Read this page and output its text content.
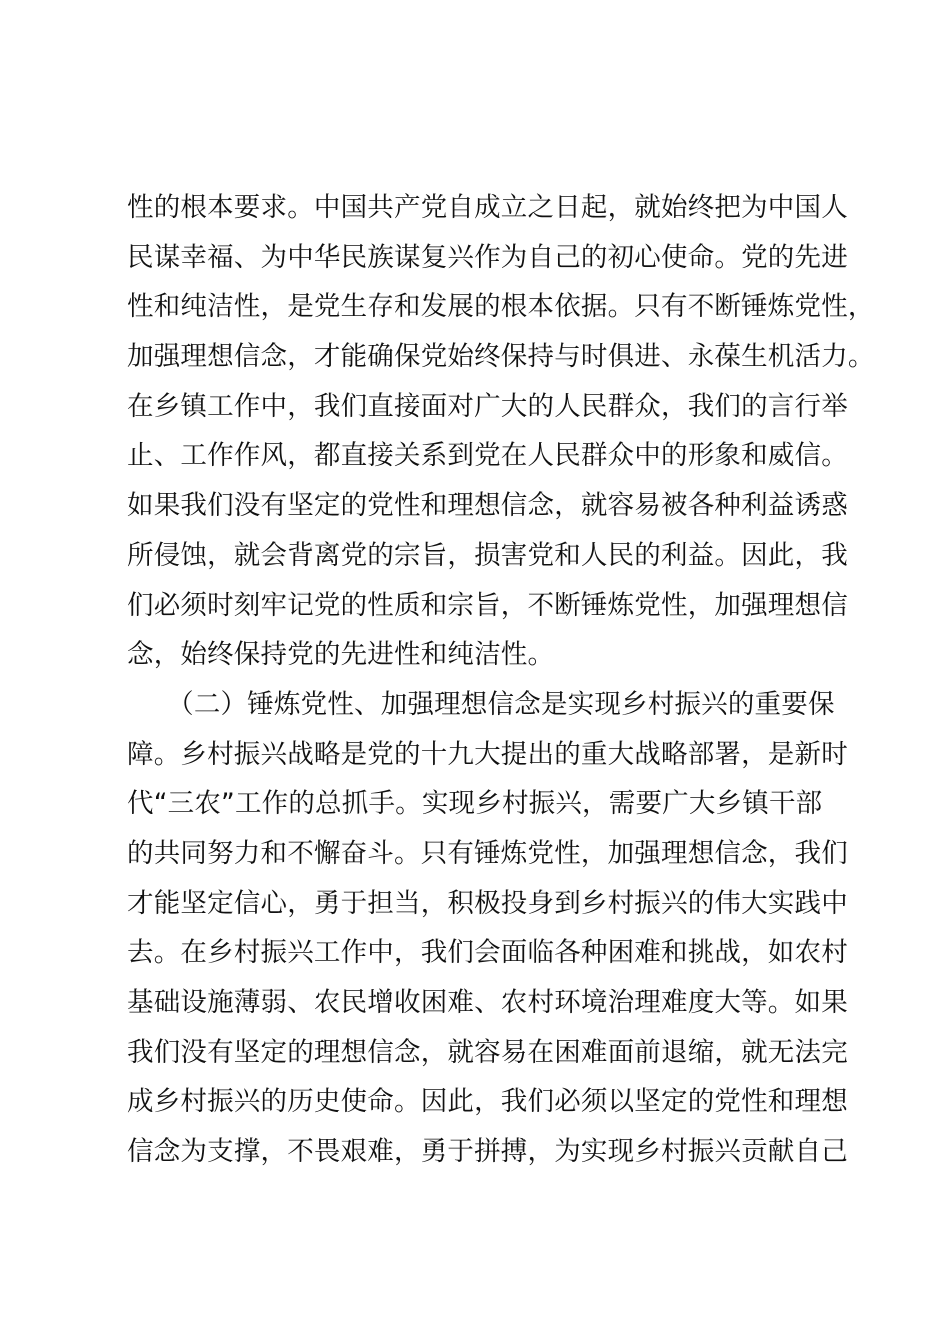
性的根本要求。中国共产党自成立之日起，就始终把为中国人
民谋幸福、为中华民族谋复兴作为自己的初心使命。党的先进
性和纯洁性，是党生存和发展的根本依据。只有不断锤炼党性，
加强理想信念，才能确保党始终保持与时俱进、永葆生机活力。
在乡镇工作中，我们直接面对广大的人民群众，我们的言行举
止、工作作风，都直接关系到党在人民群众中的形象和威信。
如果我们没有坚定的党性和理想信念，就容易被各种利益诱惑
所侵蚀，就会背离党的宗旨，损害党和人民的利益。因此，我
们必须时刻牢记党的性质和宗旨，不断锤炼党性，加强理想信
念，始终保持党的先进性和纯洁性。
　　（二）锤炼党性、加强理想信念是实现乡村振兴的重要保
障。乡村振兴战略是党的十九大提出的重大战略部署，是新时
代“三农”工作的总抓手。实现乡村振兴，需要广大乡镇干部
的共同努力和不懈奋斗。只有锤炼党性，加强理想信念，我们
才能坚定信心，勇于担当，积极投身到乡村振兴的伟大实践中
去。在乡村振兴工作中，我们会面临各种困难和挑战，如农村
基础设施薄弱、农民增收困难、农村环境治理难度大等。如果
我们没有坚定的理想信念，就容易在困难面前退缩，就无法完
成乡村振兴的历史使命。因此，我们必须以坚定的党性和理想
信念为支撑，不畏艰难，勇于拼搏，为实现乡村振兴贡献自己
